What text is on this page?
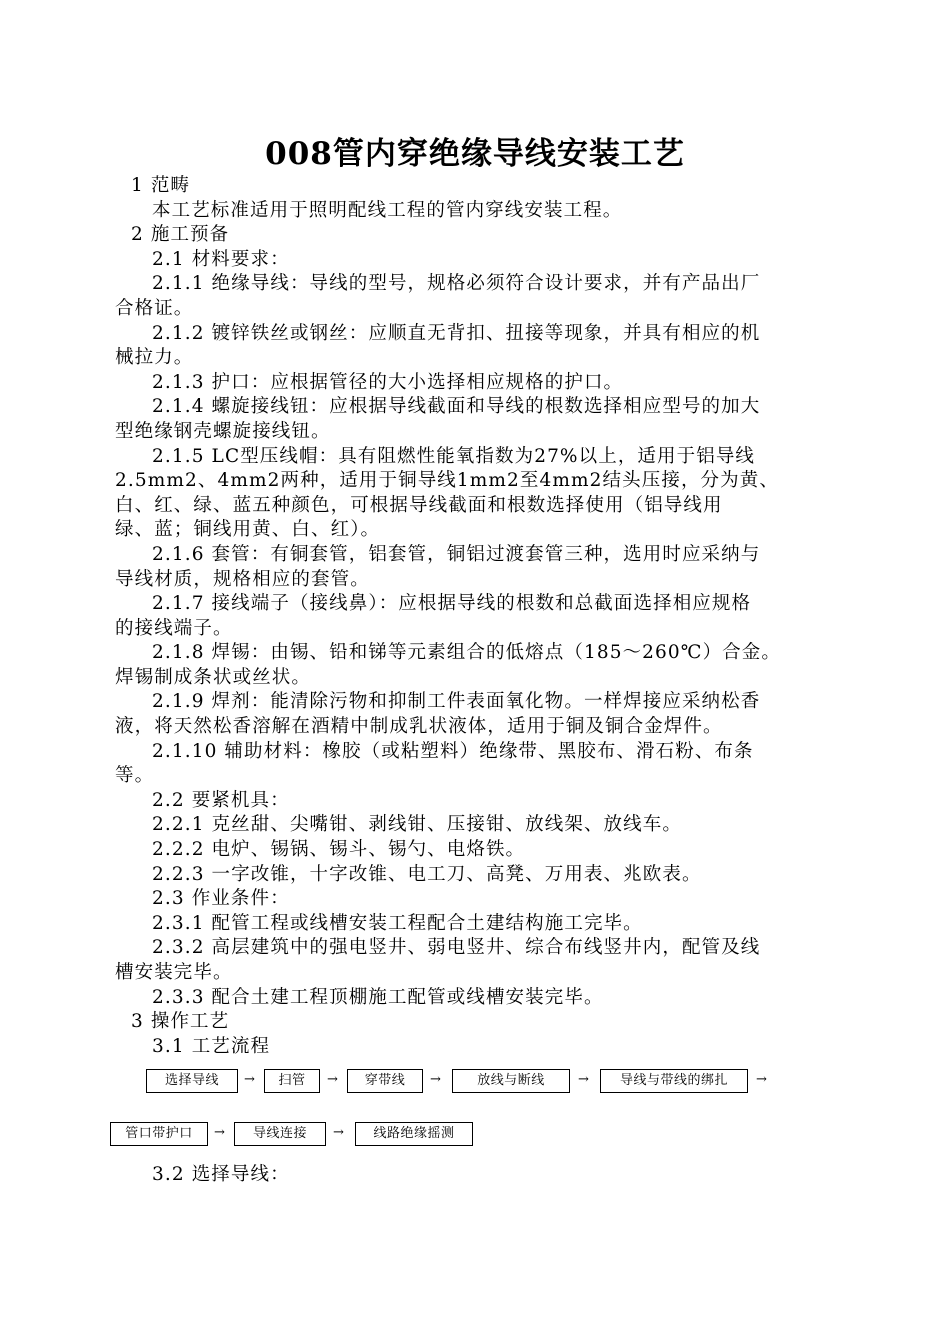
008管内穿绝缘导线安装工艺

1 范畴

本工艺标准适用于照明配线工程的管内穿线安装工程。

2 施工预备

2.1 材料要求：

2.1.1 绝缘导线：导线的型号，规格必须符合设计要求，并有产品出厂

合格证。

2.1.2 镀锌铁丝或钢丝：应顺直无背扣、扭接等现象，并具有相应的机

械拉力。

2.1.3 护口：应根据管径的大小选择相应规格的护口。

2.1.4 螺旋接线钮：应根据导线截面和导线的根数选择相应型号的加大

型绝缘钢壳螺旋接线钮。

2.1.5 LC型压线帽：具有阻燃性能氧指数为27%以上，适用于铝导线

2.5mm2、4mm2两种，适用于铜导线1mm2至4mm2结头压接，分为黄、

白、红、绿、蓝五种颜色，可根据导线截面和根数选择使用（铝导线用

绿、蓝；铜线用黄、白、红）。

2.1.6 套管：有铜套管，铝套管，铜铝过渡套管三种，选用时应采纳与

导线材质，规格相应的套管。

2.1.7 接线端子（接线鼻）：应根据导线的根数和总截面选择相应规格

的接线端子。

2.1.8 焊锡：由锡、铅和锑等元素组合的低熔点（185～260℃）合金。

焊锡制成条状或丝状。

2.1.9 焊剂：能清除污物和抑制工件表面氧化物。一样焊接应采纳松香

液，将天然松香溶解在酒精中制成乳状液体，适用于铜及铜合金焊件。

2.1.10 辅助材料：橡胶（或粘塑料）绝缘带、黑胶布、滑石粉、布条

等。

2.2 要紧机具：

2.2.1 克丝甜、尖嘴钳、剥线钳、压接钳、放线架、放线车。

2.2.2 电炉、锡锅、锡斗、锡勺、电烙铁。

2.2.3 一字改锥，十字改锥、电工刀、高凳、万用表、兆欧表。

2.3 作业条件：

2.3.1 配管工程或线槽安装工程配合土建结构施工完毕。

2.3.2 高层建筑中的强电竖井、弱电竖井、综合布线竖井内，配管及线

槽安装完毕。

2.3.3 配合土建工程顶棚施工配管或线槽安装完毕。

3 操作工艺

3.1 工艺流程

选择导线	→	扫管	→	穿带线	→	放线与断线	→	导线与带线的绑扎	→
管口带护口	→	导线连接	→	线路绝缘摇测

3.2 选择导线：
